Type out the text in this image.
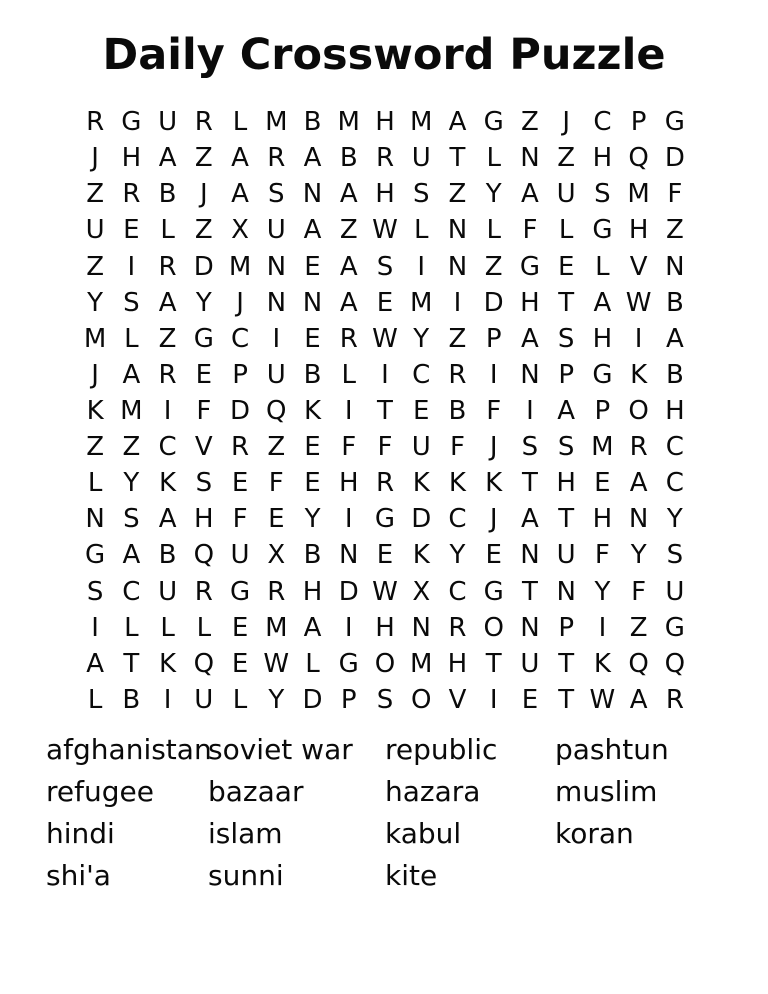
Daily Crossword Puzzle
R G U R L M B M H M A G Z J C P G
J H A Z A R A B R U T L N Z H Q D
Z R B J A S N A H S Z Y A U S M F
U E L Z X U A Z W L N L F L G H Z
Z I R D M N E A S I N Z G E L V N
Y S A Y J N N A E M I D H T A W B
M L Z G C I E R W Y Z P A S H I A
J A R E P U B L I C R I N P G K B
K M I F D Q K I T E B F I A P O H
Z Z C V R Z E F F U F J S S M R C
L Y K S E F E H R K K K T H E A C
N S A H F E Y I G D C J A T H N Y
G A B Q U X B N E K Y E N U F Y S
S C U R G R H D W X C G T N Y F U
I L L L E M A I H N R O N P I Z G
A T K Q E W L G O M H T U T K Q Q
L B I U L Y D P S O V I E T W A R
afghanistan
refugee
hindi
shi'a
soviet war
bazaar
islam
sunni
republic
hazara
kabul
kite
pashtun
muslim
koran
